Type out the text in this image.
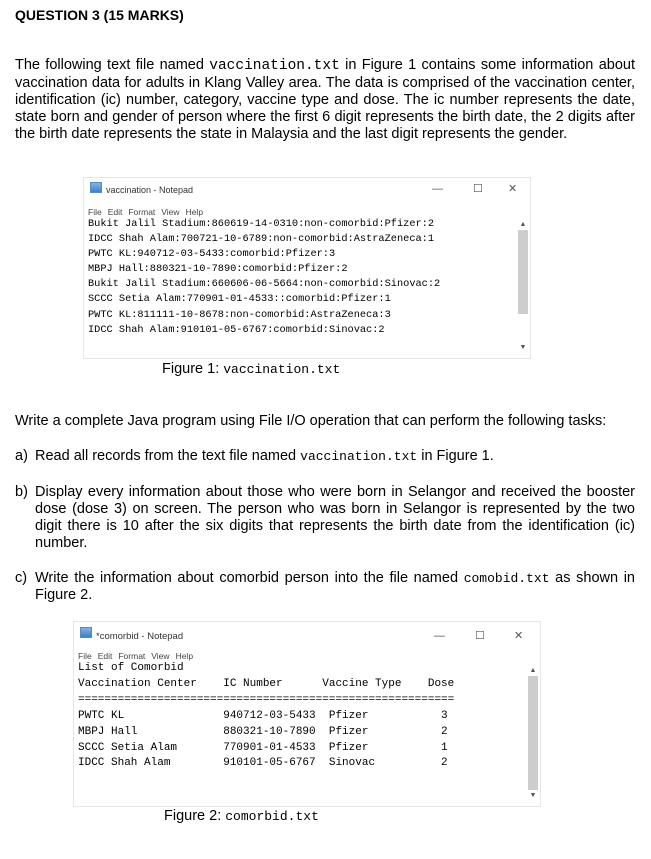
QUESTION 3 (15 MARKS)

The following text file named vaccination.txt in Figure 1 contains some information about vaccination data for adults in Klang Valley area. The data is comprised of the vaccination center, identification (ic) number, category, vaccine type and dose. The ic number represents the date, state born and gender of person where the first 6 digit represents the birth date, the 2 digits after the birth date represents the state in Malaysia and the last digit represents the gender.

vaccination - Notepad	—	☐ ✕
File Edit Format View Help
Bukit Jalil Stadium:860619-14-0310:non-comorbid:Pfizer:2
IDCC Shah Alam:700721-10-6789:non-comorbid:AstraZeneca:1
PWTC KL:940712-03-5433:comorbid:Pfizer:3
MBPJ Hall:880321-10-7890:comorbid:Pfizer:2
Bukit Jalil Stadium:660606-06-5664:non-comorbid:Sinovac:2
SCCC Setia Alam:770901-01-4533::comorbid:Pfizer:1
PWTC KL:811111-10-8678:non-comorbid:AstraZeneca:3
IDCC Shah Alam:910101-05-6767:comorbid:Sinovac:2
▲
▼
Figure 1: vaccination.txt

Write a complete Java program using File I/O operation that can perform the following tasks:

a) Read all records from the text file named vaccination.txt in Figure 1.
b) Display every information about those who were born in Selangor and received the booster dose (dose 3) on screen. The person who was born in Selangor is represented by the two digit there is 10 after the six digits that represents the birth date from the identification (ic) number.
c) Write the information about comorbid person into the file named comobid.txt as shown in Figure 2.
*comorbid - Notepad	—	☐	✕
File Edit Format View Help
List of Comorbid
Vaccination Center    IC Number      Vaccine Type    Dose
=========================================================
PWTC KL               940712-03-5433  Pfizer           3
MBPJ Hall             880321-10-7890  Pfizer           2
SCCC Setia Alam       770901-01-4533  Pfizer           1
IDCC Shah Alam        910101-05-6767  Sinovac          2
▲
▼
Figure 2: comorbid.txt
